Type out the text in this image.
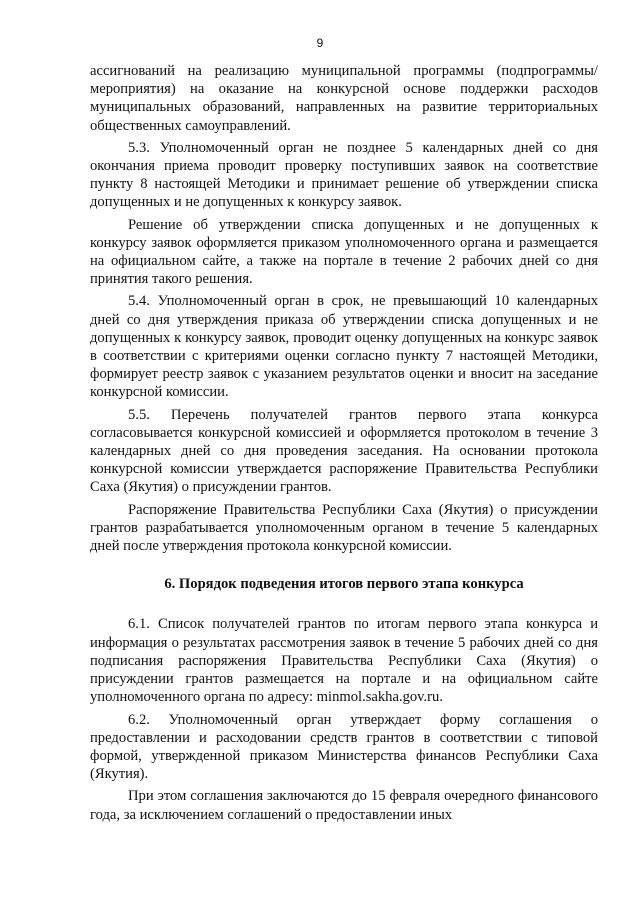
9

ассигнований на реализацию муниципальной программы (подпрограммы/мероприятия) на оказание на конкурсной основе поддержки расходов муниципальных образований, направленных на развитие территориальных общественных самоуправлений.

5.3. Уполномоченный орган не позднее 5 календарных дней со дня окончания приема проводит проверку поступивших заявок на соответствие пункту 8 настоящей Методики и принимает решение об утверждении списка допущенных и не допущенных к конкурсу заявок.

Решение об утверждении списка допущенных и не допущенных к конкурсу заявок оформляется приказом уполномоченного органа и размещается на официальном сайте, а также на портале в течение 2 рабочих дней со дня принятия такого решения.

5.4. Уполномоченный орган в срок, не превышающий 10 календарных дней со дня утверждения приказа об утверждении списка допущенных и не допущенных к конкурсу заявок, проводит оценку допущенных на конкурс заявок в соответствии с критериями оценки согласно пункту 7 настоящей Методики, формирует реестр заявок с указанием результатов оценки и вносит на заседание конкурсной комиссии.

5.5. Перечень получателей грантов первого этапа конкурса согласовывается конкурсной комиссией и оформляется протоколом в течение 3 календарных дней со дня проведения заседания. На основании протокола конкурсной комиссии утверждается распоряжение Правительства Республики Саха (Якутия) о присуждении грантов.

Распоряжение Правительства Республики Саха (Якутия) о присуждении грантов разрабатывается уполномоченным органом в течение 5 календарных дней после утверждения протокола конкурсной комиссии.

6. Порядок подведения итогов первого этапа конкурса

6.1. Список получателей грантов по итогам первого этапа конкурса и информация о результатах рассмотрения заявок в течение 5 рабочих дней со дня подписания распоряжения Правительства Республики Саха (Якутия) о присуждении грантов размещается на портале и на официальном сайте уполномоченного органа по адресу: minmol.sakha.gov.ru.

6.2. Уполномоченный орган утверждает форму соглашения о предоставлении и расходовании средств грантов в соответствии с типовой формой, утвержденной приказом Министерства финансов Республики Саха (Якутия).

При этом соглашения заключаются до 15 февраля очередного финансового года, за исключением соглашений о предоставлении иных
